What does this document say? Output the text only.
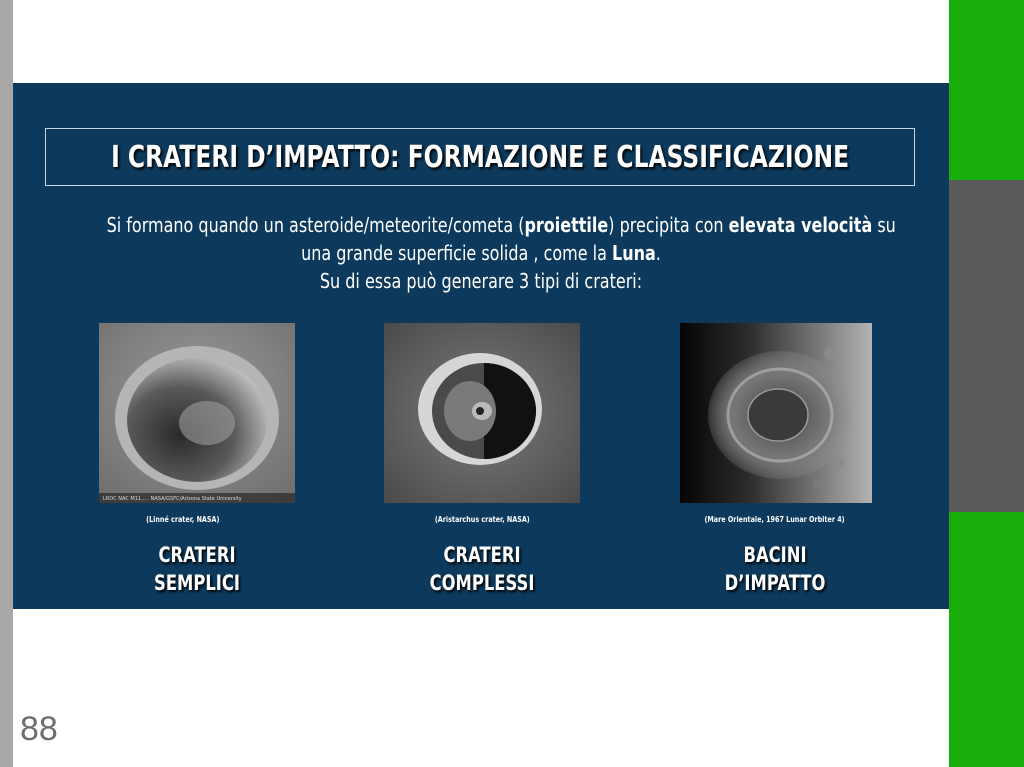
I CRATERI D’IMPATTO: FORMAZIONE E CLASSIFICAZIONE
Si formano quando un asteroide/meteorite/cometa (proiettile) precipita con elevata velocità su
una grande superficie solida , come la Luna.
Su di essa può generare 3 tipi di crateri:
LROC NAC M11..... NASA/GSFC/Arizona State University
(Linné crater, NASA)
CRATERI
SEMPLICI
(Aristarchus crater, NASA)
CRATERI
COMPLESSI
(Mare Orientale, 1967 Lunar Orbiter 4)
BACINI
D’IMPATTO
88
